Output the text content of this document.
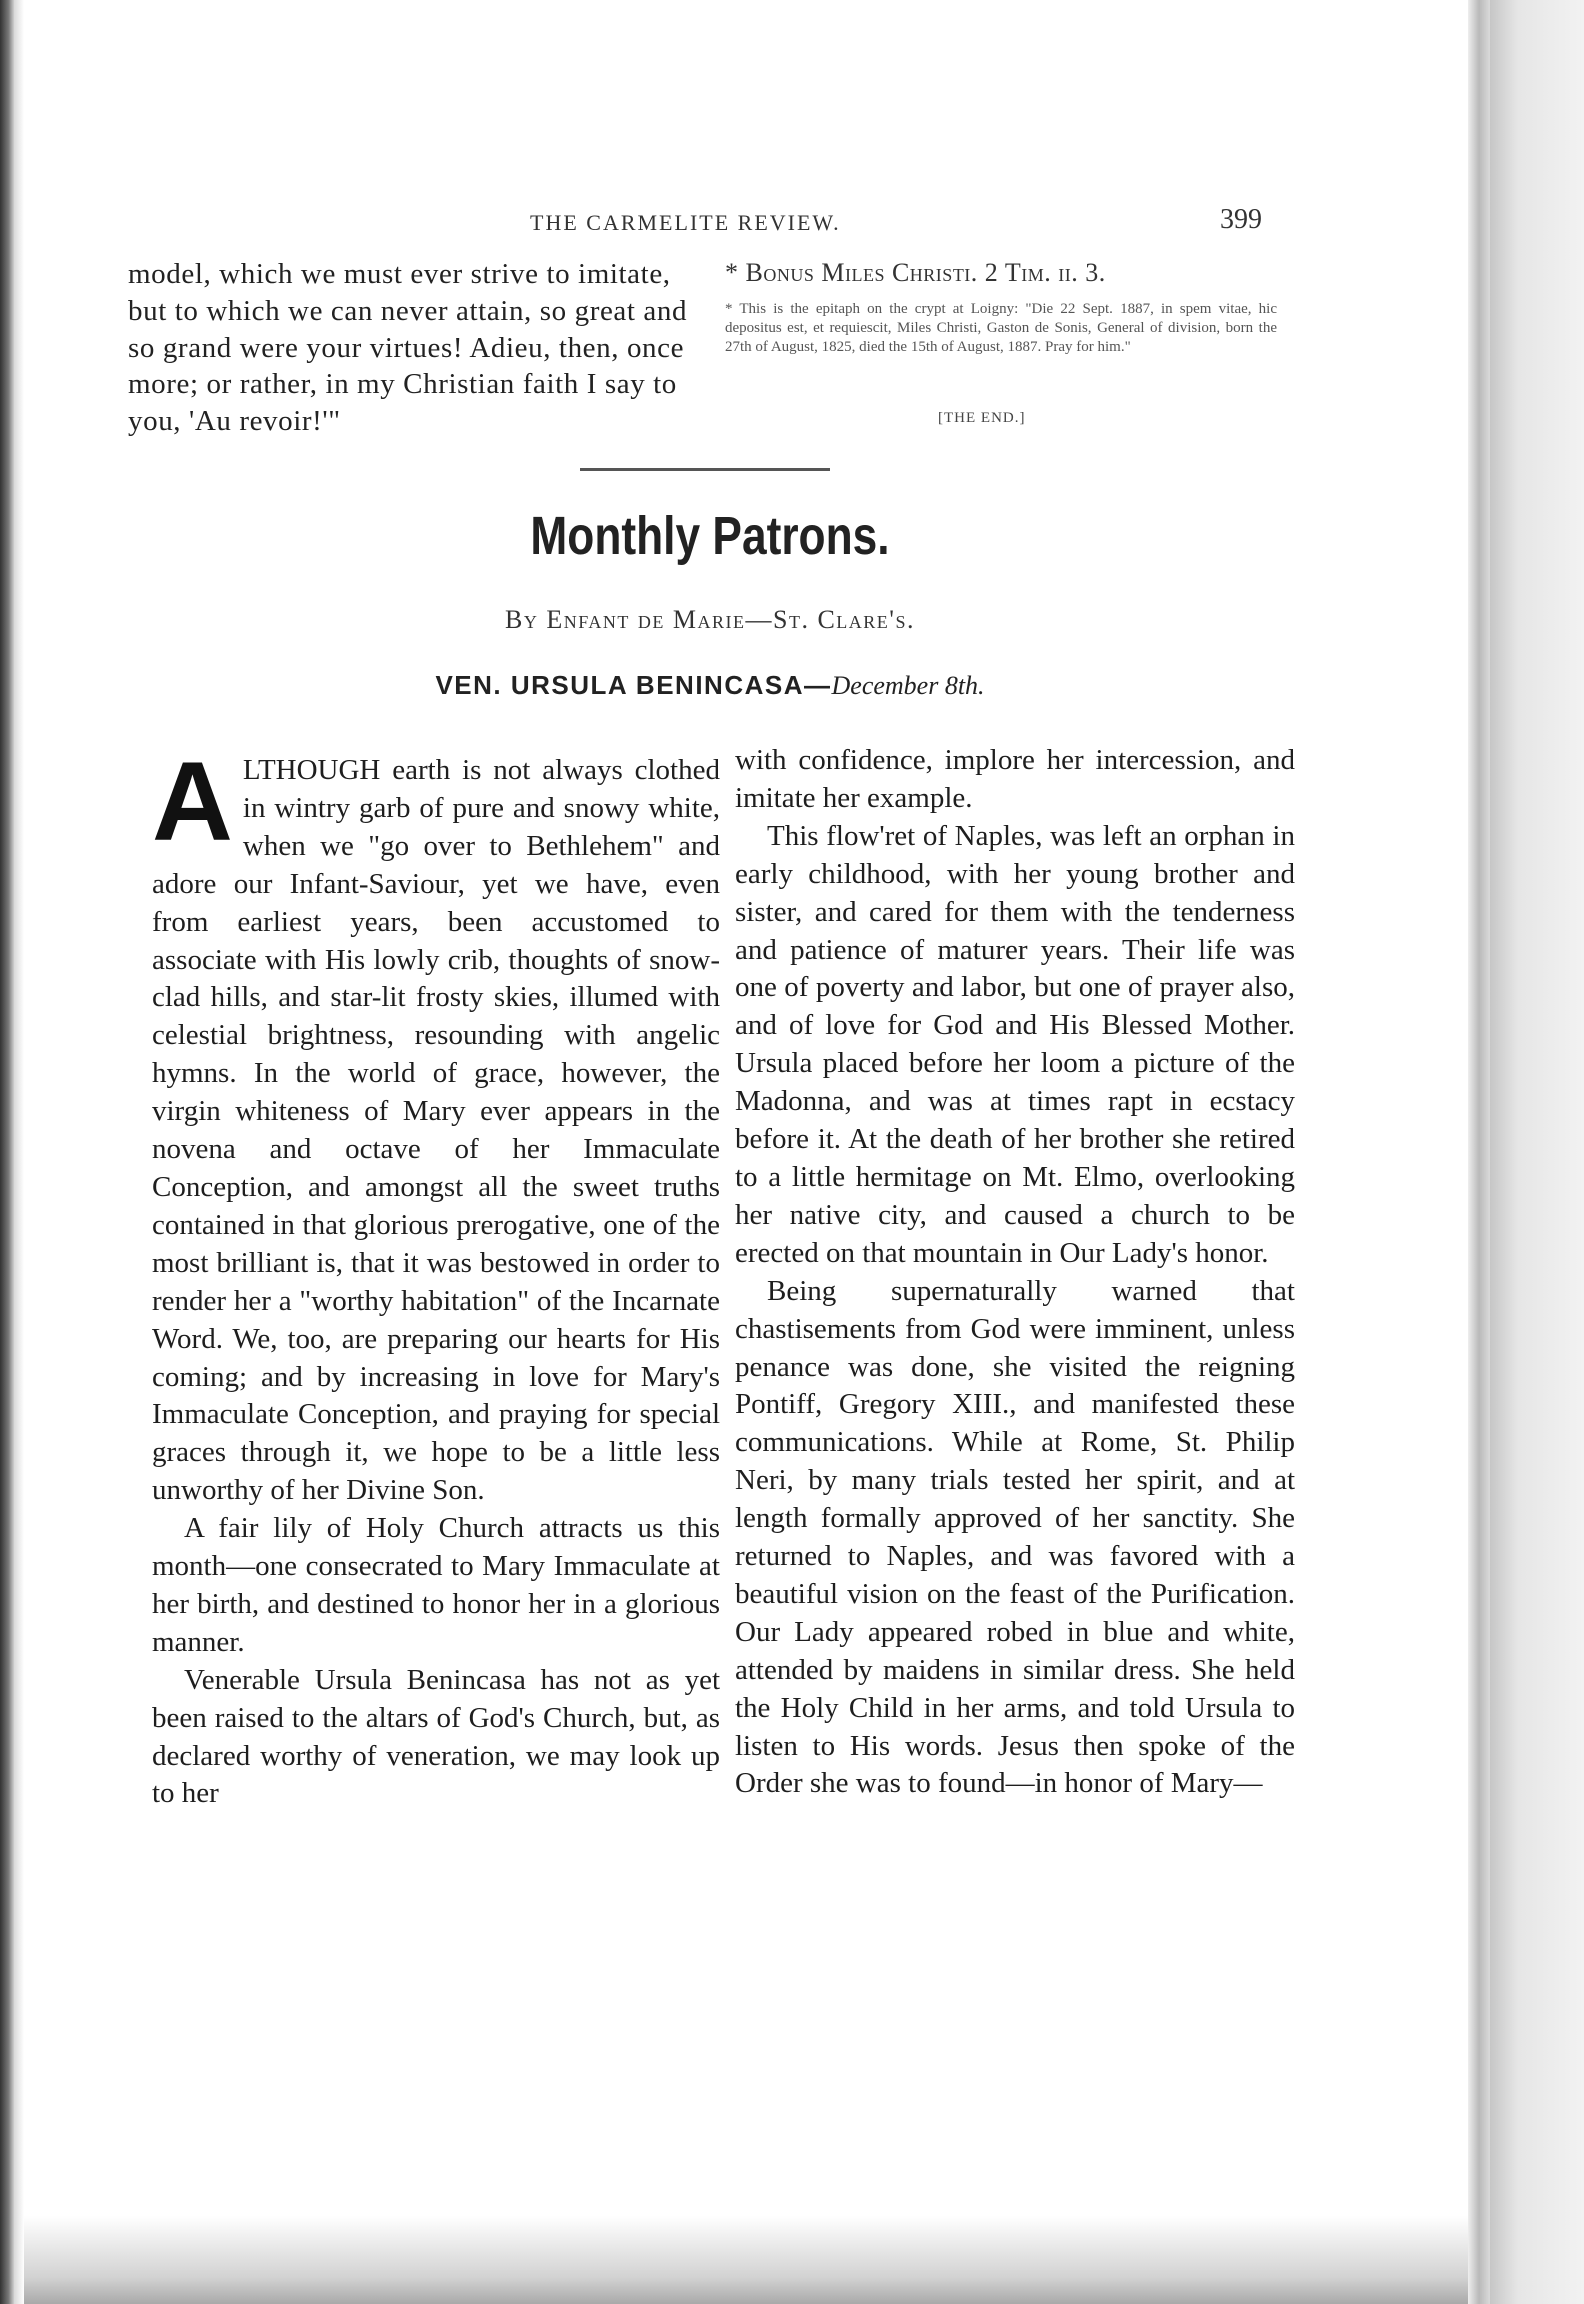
THE CARMELITE REVIEW.	399
model, which we must ever strive to imitate, but to which we can never attain, so great and so grand were your virtues! Adieu, then, once more; or rather, in my Christian faith I say to you, 'Au revoir!'"
* Bonus Miles Christi. 2 Tim. ii. 3.
* This is the epitaph on the crypt at Loigny: "Die 22 Sept. 1887, in spem vitae, hic depositus est, et requiescit, Miles Christi, Gaston de Sonis, General of division, born the 27th of August, 1825, died the 15th of August, 1887. Pray for him."
[THE END.]
Monthly Patrons.
By Enfant de Marie—St. Clare's.
VEN. URSULA BENINCASA—December 8th.

ALTHOUGH earth is not always clothed in wintry garb of pure and snowy white, when we "go over to Bethlehem" and adore our Infant-Saviour, yet we have, even from earliest years, been accustomed to associate with His lowly crib, thoughts of snow-clad hills, and star-lit frosty skies, illumed with celestial brightness, resounding with angelic hymns. In the world of grace, however, the virgin whiteness of Mary ever appears in the novena and octave of her Immaculate Conception, and amongst all the sweet truths contained in that glorious prerogative, one of the most brilliant is, that it was bestowed in order to render her a "worthy habitation" of the Incarnate Word. We, too, are preparing our hearts for His coming; and by increasing in love for Mary's Immaculate Conception, and praying for special graces through it, we hope to be a little less unworthy of her Divine Son.

A fair lily of Holy Church attracts us this month—one consecrated to Mary Immaculate at her birth, and destined to honor her in a glorious manner.

Venerable Ursula Benincasa has not as yet been raised to the altars of God's Church, but, as declared worthy of veneration, we may look up to her

with confidence, implore her intercession, and imitate her example.

This flow'ret of Naples, was left an orphan in early childhood, with her young brother and sister, and cared for them with the tenderness and patience of maturer years. Their life was one of poverty and labor, but one of prayer also, and of love for God and His Blessed Mother. Ursula placed before her loom a picture of the Madonna, and was at times rapt in ecstacy before it. At the death of her brother she retired to a little hermitage on Mt. Elmo, overlooking her native city, and caused a church to be erected on that mountain in Our Lady's honor.

Being supernaturally warned that chastisements from God were imminent, unless penance was done, she visited the reigning Pontiff, Gregory XIII., and manifested these communications. While at Rome, St. Philip Neri, by many trials tested her spirit, and at length formally approved of her sanctity. She returned to Naples, and was favored with a beautiful vision on the feast of the Purification. Our Lady appeared robed in blue and white, attended by maidens in similar dress. She held the Holy Child in her arms, and told Ursula to listen to His words. Jesus then spoke of the Order she was to found—in honor of Mary—
